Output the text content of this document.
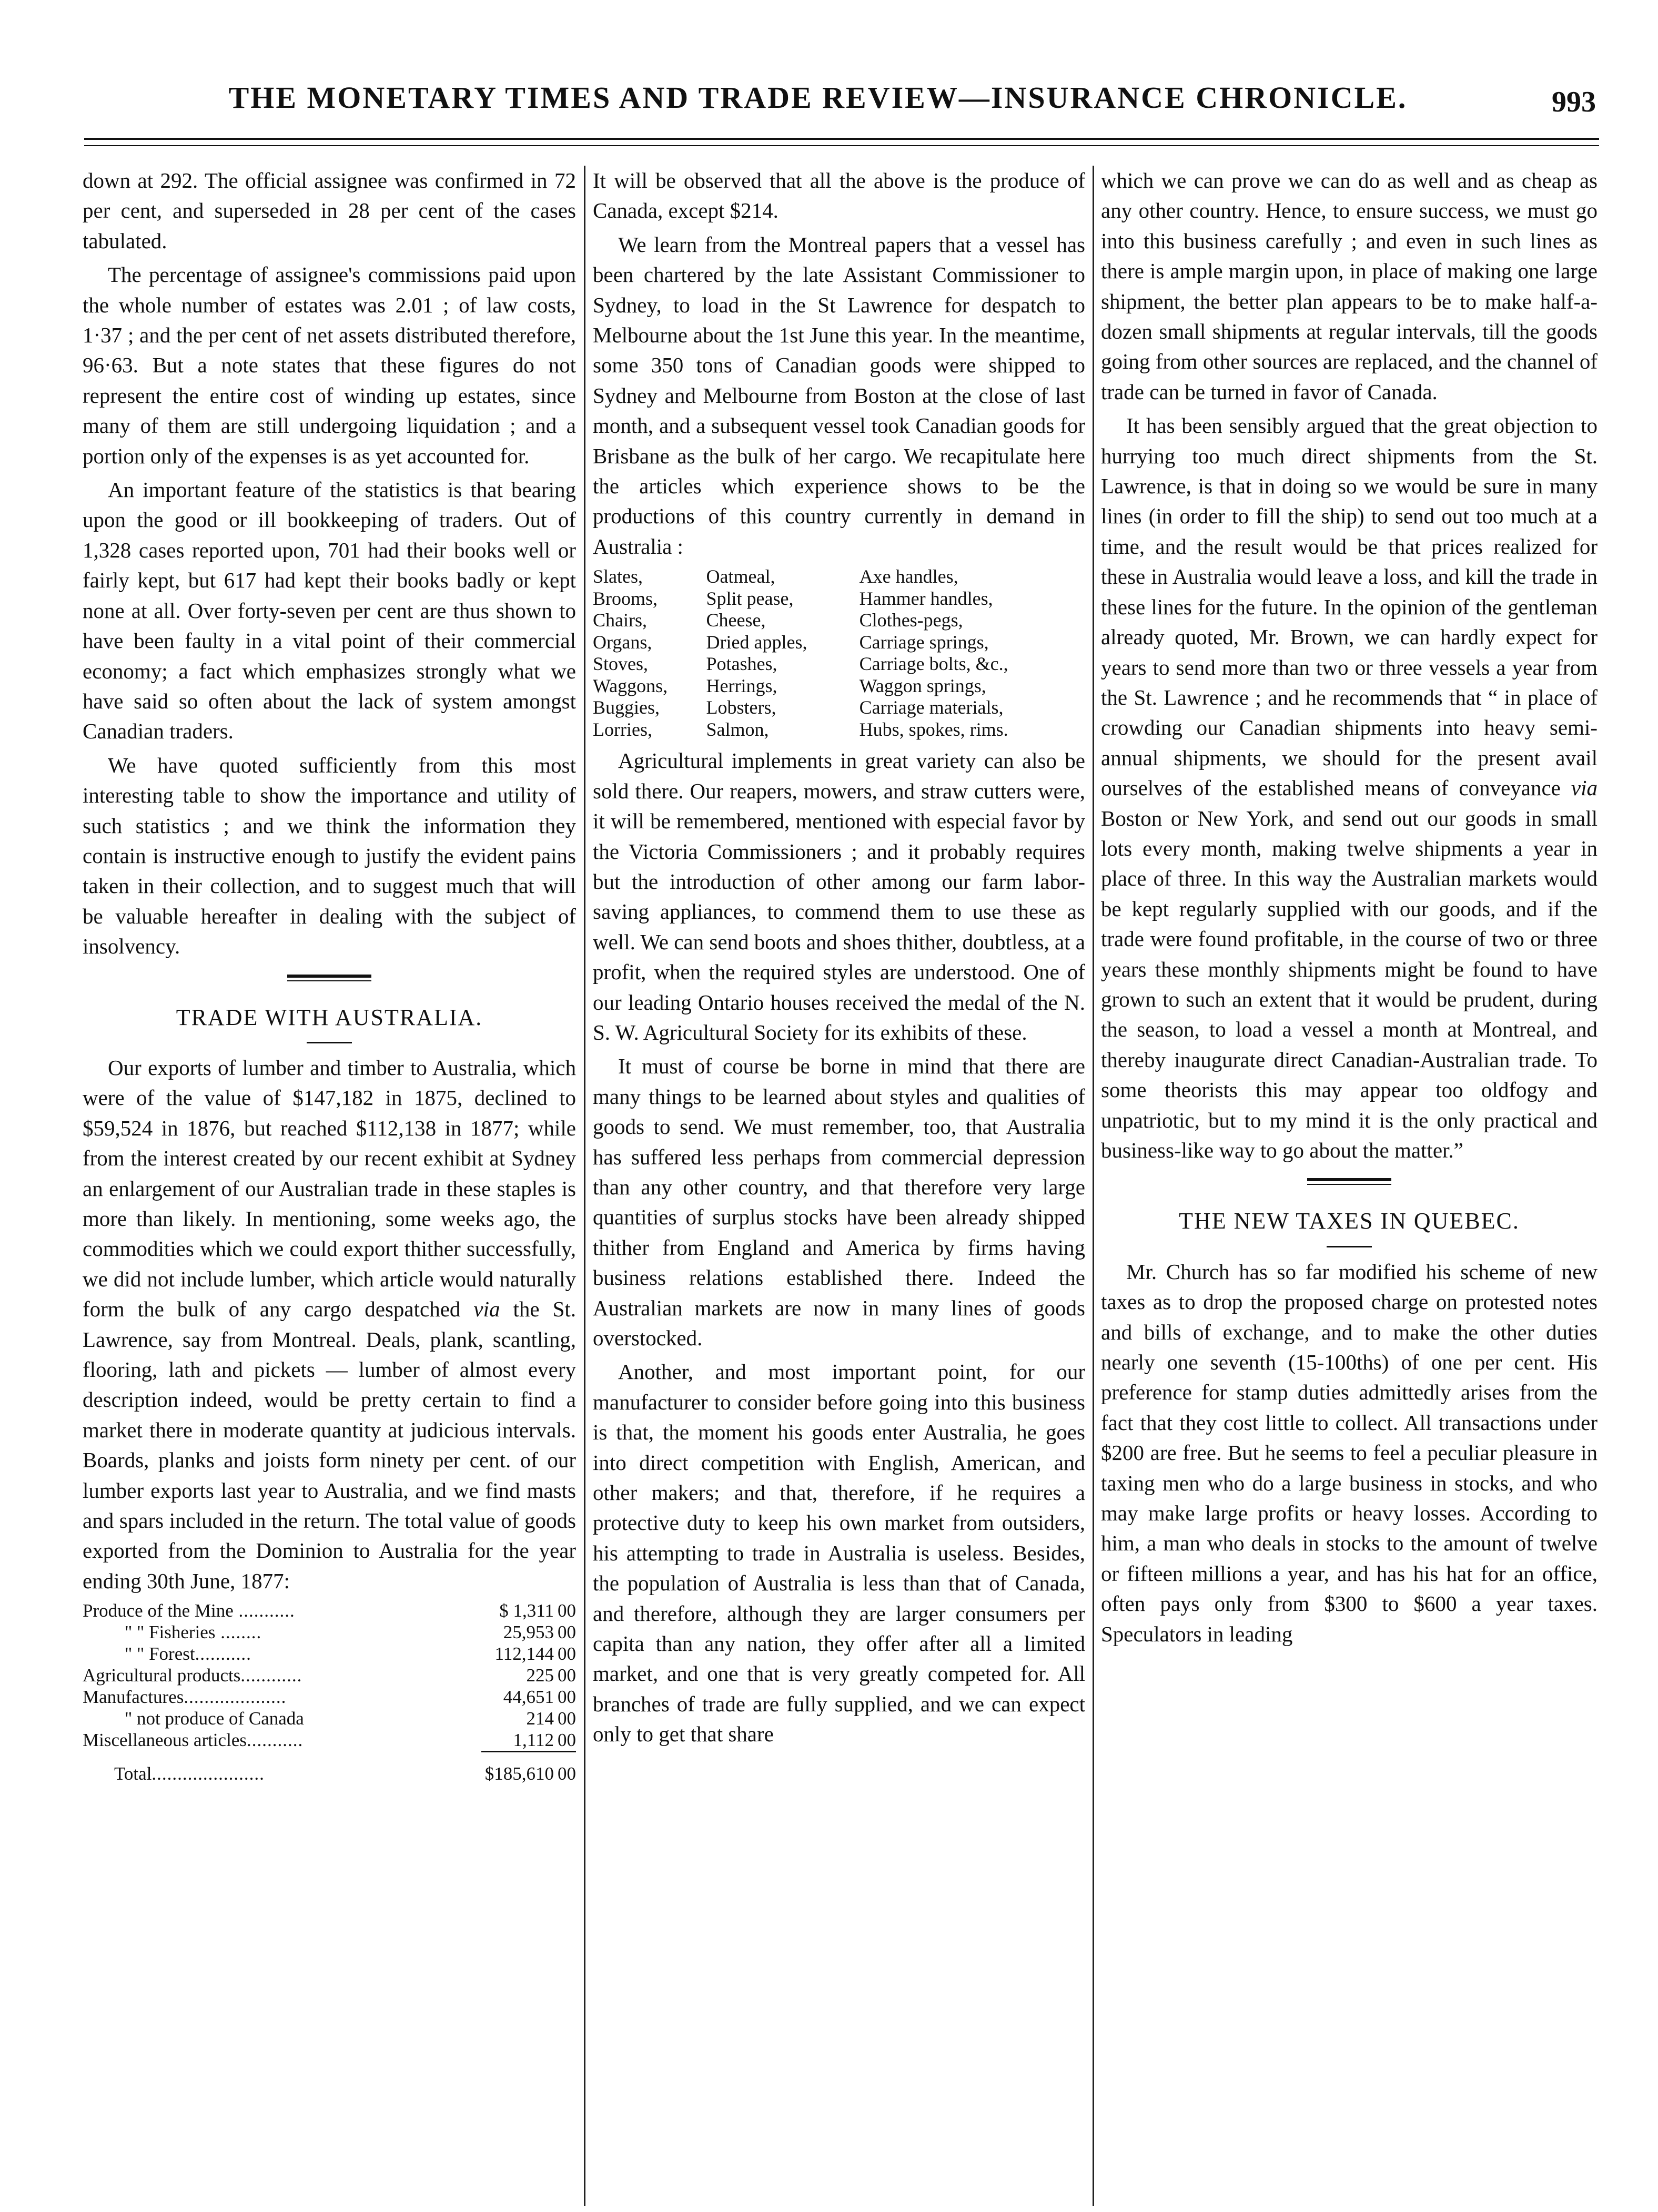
THE MONETARY TIMES AND TRADE REVIEW—INSURANCE CHRONICLE.	993

down at 292. The official assignee was confirmed in 72 per cent, and superseded in 28 per cent of the cases tabulated.

The percentage of assignee's commissions paid upon the whole number of estates was 2.01 ; of law costs, 1·37 ; and the per cent of net assets distributed therefore, 96·63. But a note states that these figures do not represent the entire cost of winding up estates, since many of them are still undergoing liquidation ; and a portion only of the expenses is as yet accounted for.

An important feature of the statistics is that bearing upon the good or ill bookkeeping of traders. Out of 1,328 cases reported upon, 701 had their books well or fairly kept, but 617 had kept their books badly or kept none at all. Over forty-seven per cent are thus shown to have been faulty in a vital point of their commercial economy; a fact which emphasizes strongly what we have said so often about the lack of system amongst Canadian traders.

We have quoted sufficiently from this most interesting table to show the importance and utility of such statistics ; and we think the information they contain is instructive enough to justify the evident pains taken in their collection, and to suggest much that will be valuable hereafter in dealing with the subject of insolvency.

TRADE WITH AUSTRALIA.

Our exports of lumber and timber to Australia, which were of the value of $147,182 in 1875, declined to $59,524 in 1876, but reached $112,138 in 1877; while from the interest created by our recent exhibit at Sydney an enlargement of our Australian trade in these staples is more than likely. In mentioning, some weeks ago, the commodities which we could export thither successfully, we did not include lumber, which article would naturally form the bulk of any cargo despatched via the St. Lawrence, say from Montreal. Deals, plank, scantling, flooring, lath and pickets — lumber of almost every description indeed, would be pretty certain to find a market there in moderate quantity at judicious intervals. Boards, planks and joists form ninety per cent. of our lumber exports last year to Australia, and we find masts and spars included in the return. The total value of goods exported from the Dominion to Australia for the year ending 30th June, 1877:

Produce of the Mine ...........	$ 1,311	00
" " Fisheries ........	25,953	00
" " Forest...........	112,144	00
Agricultural products............	225	00
Manufactures....................	44,651	00
" not produce of Canada	214	00
Miscellaneous articles...........	1,112	00
Total......................	$185,610	00

It will be observed that all the above is the produce of Canada, except $214.

We learn from the Montreal papers that a vessel has been chartered by the late Assistant Commissioner to Sydney, to load in the St Lawrence for despatch to Melbourne about the 1st June this year. In the meantime, some 350 tons of Canadian goods were shipped to Sydney and Melbourne from Boston at the close of last month, and a subsequent vessel took Canadian goods for Brisbane as the bulk of her cargo. We recapitulate here the articles which experience shows to be the productions of this country currently in demand in Australia :

Slates,	Oatmeal,	Axe handles,
Brooms,	Split pease,	Hammer handles,
Chairs,	Cheese,	Clothes-pegs,
Organs,	Dried apples,	Carriage springs,
Stoves,	Potashes,	Carriage bolts, &c.,
Waggons,	Herrings,	Waggon springs,
Buggies,	Lobsters,	Carriage materials,
Lorries,	Salmon,	Hubs, spokes, rims.

Agricultural implements in great variety can also be sold there. Our reapers, mowers, and straw cutters were, it will be remembered, mentioned with especial favor by the Victoria Commissioners ; and it probably requires but the introduction of other among our farm labor-saving appliances, to commend them to use these as well. We can send boots and shoes thither, doubtless, at a profit, when the required styles are understood. One of our leading Ontario houses received the medal of the N. S. W. Agricultural Society for its exhibits of these.

It must of course be borne in mind that there are many things to be learned about styles and qualities of goods to send. We must remember, too, that Australia has suffered less perhaps from commercial depression than any other country, and that therefore very large quantities of surplus stocks have been already shipped thither from England and America by firms having business relations established there. Indeed the Australian markets are now in many lines of goods overstocked.

Another, and most important point, for our manufacturer to consider before going into this business is that, the moment his goods enter Australia, he goes into direct competition with English, American, and other makers; and that, therefore, if he requires a protective duty to keep his own market from outsiders, his attempting to trade in Australia is useless. Besides, the population of Australia is less than that of Canada, and therefore, although they are larger consumers per capita than any nation, they offer after all a limited market, and one that is very greatly competed for. All branches of trade are fully supplied, and we can expect only to get that share

which we can prove we can do as well and as cheap as any other country. Hence, to ensure success, we must go into this business carefully ; and even in such lines as there is ample margin upon, in place of making one large shipment, the better plan appears to be to make half-a-dozen small shipments at regular intervals, till the goods going from other sources are replaced, and the channel of trade can be turned in favor of Canada.

It has been sensibly argued that the great objection to hurrying too much direct shipments from the St. Lawrence, is that in doing so we would be sure in many lines (in order to fill the ship) to send out too much at a time, and the result would be that prices realized for these in Australia would leave a loss, and kill the trade in these lines for the future. In the opinion of the gentleman already quoted, Mr. Brown, we can hardly expect for years to send more than two or three vessels a year from the St. Lawrence ; and he recommends that “ in place of crowding our Canadian shipments into heavy semi-annual shipments, we should for the present avail ourselves of the established means of conveyance via Boston or New York, and send out our goods in small lots every month, making twelve shipments a year in place of three. In this way the Australian markets would be kept regularly supplied with our goods, and if the trade were found profitable, in the course of two or three years these monthly shipments might be found to have grown to such an extent that it would be prudent, during the season, to load a vessel a month at Montreal, and thereby inaugurate direct Canadian-Australian trade. To some theorists this may appear too oldfogy and unpatriotic, but to my mind it is the only practical and business-like way to go about the matter.”

THE NEW TAXES IN QUEBEC.

Mr. Church has so far modified his scheme of new taxes as to drop the proposed charge on protested notes and bills of exchange, and to make the other duties nearly one seventh (15-100ths) of one per cent. His preference for stamp duties admittedly arises from the fact that they cost little to collect. All transactions under $200 are free. But he seems to feel a peculiar pleasure in taxing men who do a large business in stocks, and who may make large profits or heavy losses. According to him, a man who deals in stocks to the amount of twelve or fifteen millions a year, and has his hat for an office, often pays only from $300 to $600 a year taxes. Speculators in leading
